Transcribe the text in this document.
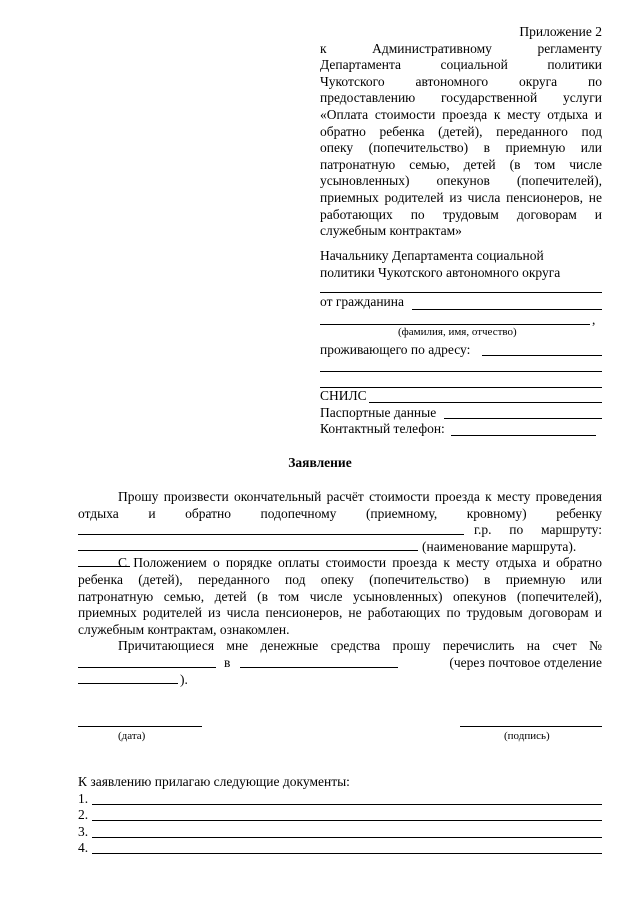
Приложение 2
к Административному регламенту
Департамента социальной политики
Чукотского автономного округа по
предоставлению государственной услуги
«Оплата стоимости проезда к месту отдыха и
обратно ребенка (детей), переданного под
опеку (попечительство) в приемную или
патронатную семью, детей (в том числе
усыновленных) опекунов (попечителей),
приемных родителей из числа пенсионеров, не
работающих по трудовым договорам и
служебным контрактам»
Начальнику Департамента социальной
политики Чукотского автономного округа
от гражданина
,
(фамилия, имя, отчество)
проживающего по адресу:
СНИЛС
Паспортные данные
Контактный телефон:
Заявление
Прошу произвести окончательный расчёт стоимости проезда к месту проведения
отдыха и обратно подопечному (приемному, кровному) ребенку
г.р. по маршруту:
(наименование маршрута).
С Положением о порядке оплаты стоимости проезда к месту отдыха и обратно
ребенка (детей), переданного под опеку (попечительство) в приемную или
патронатную семью, детей (в том числе усыновленных) опекунов (попечителей),
приемных родителей из числа пенсионеров, не работающих по трудовым договорам и
служебным контрактам, ознакомлен.
Причитающиеся мне денежные средства прошу перечислить на счет №
в	(через почтовое отделение
).
(дата)	(подпись)
К заявлению прилагаю следующие документы:
1.
2.
3.
4.
